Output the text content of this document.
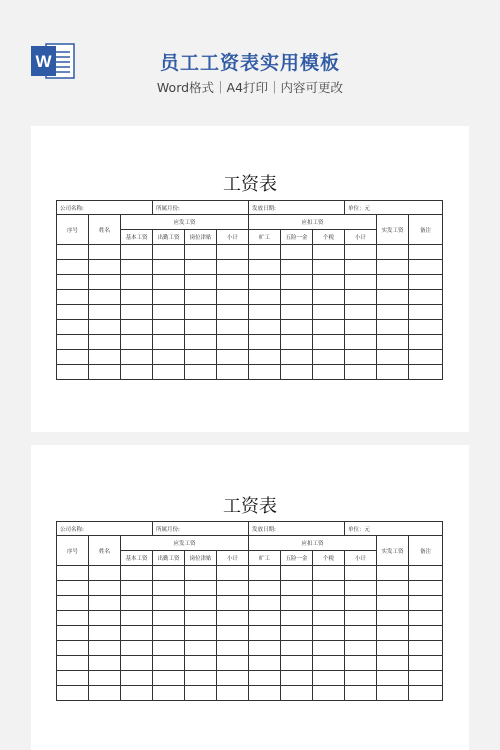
W	员工工资表实用模板
Word格式｜A4打印｜内容可更改
工资表
公司名称:			所属月份:			发放日期:			单位：元		
序号	姓名	应发工资				应扣工资				实发工资	备注
		基本工资	出勤工资	岗位津贴	小计	旷工	五险一金	个税	小计		

工资表
公司名称:			所属月份:			发放日期:			单位：元		
序号	姓名	应发工资				应扣工资				实发工资	备注
		基本工资	出勤工资	岗位津贴	小计	旷工	五险一金	个税	小计		
